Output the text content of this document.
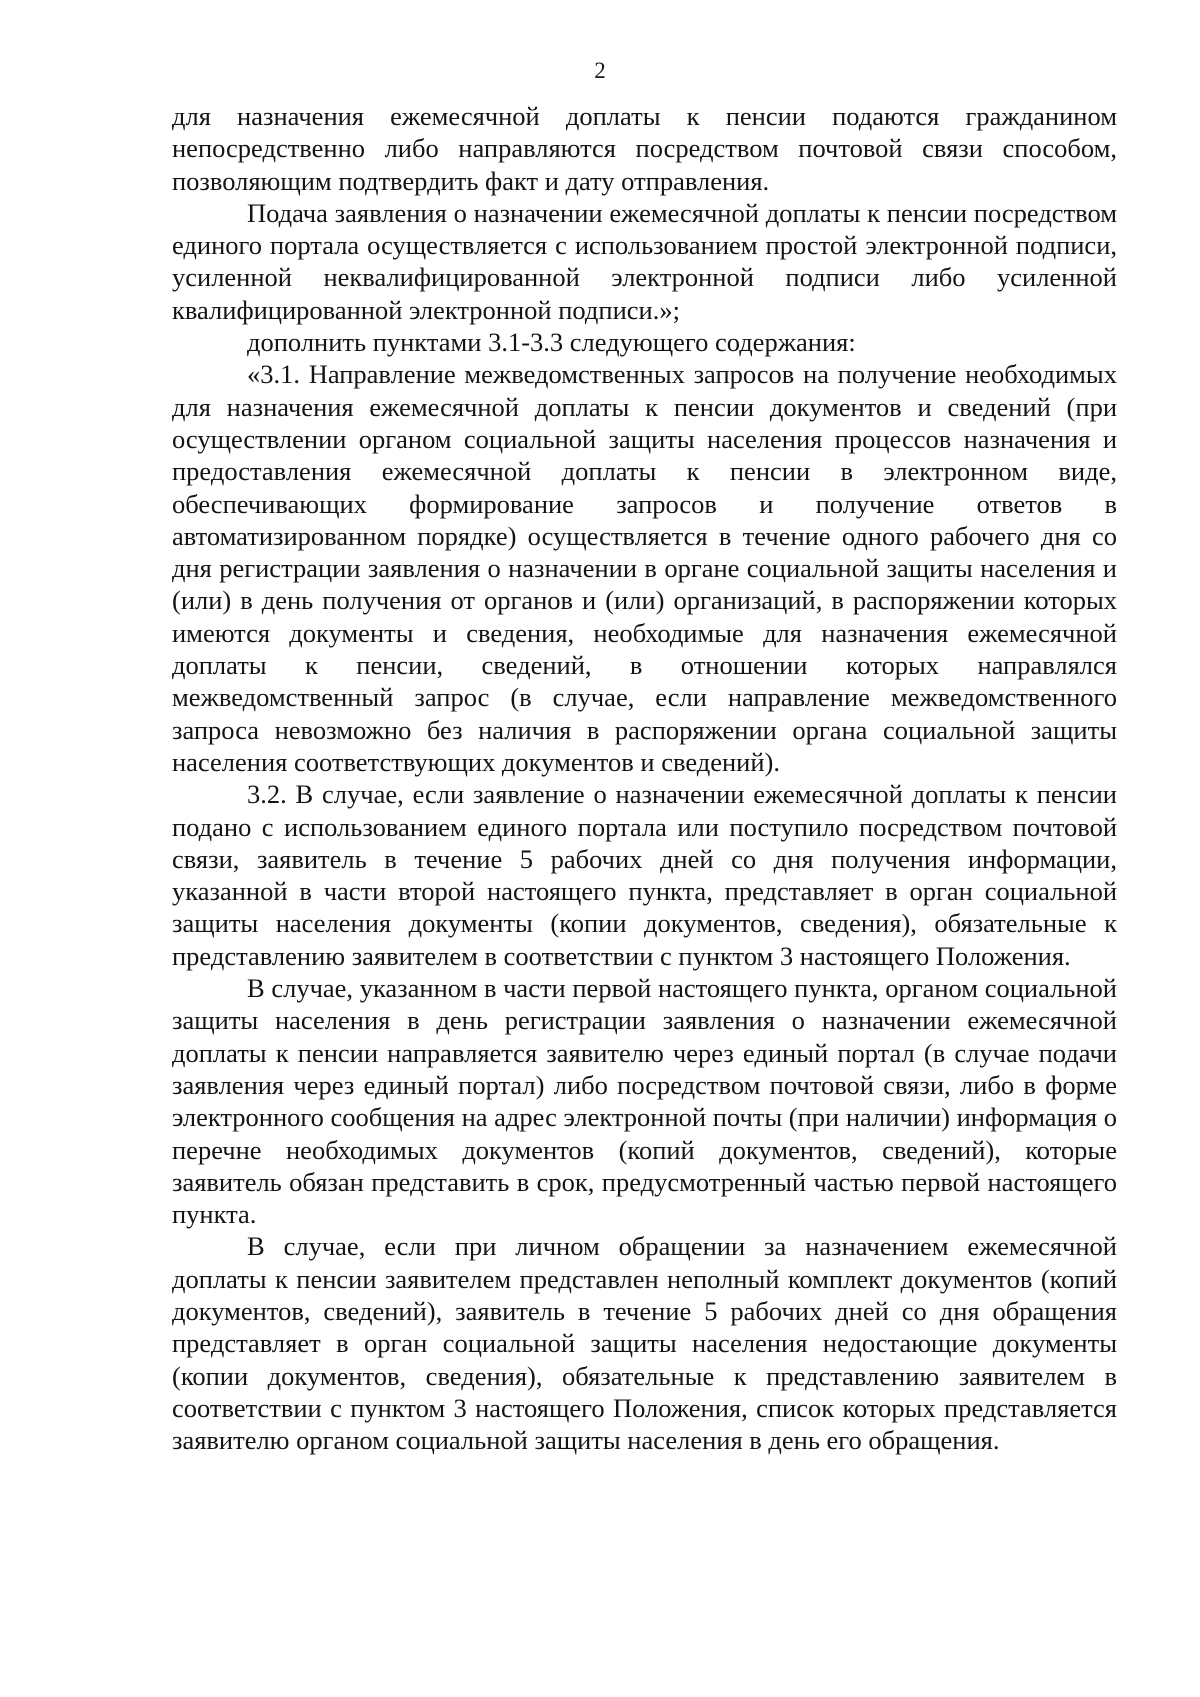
2

для назначения ежемесячной доплаты к пенсии подаются гражданином непосредственно либо направляются посредством почтовой связи способом, позволяющим подтвердить факт и дату отправления.

Подача заявления о назначении ежемесячной доплаты к пенсии посредством единого портала осуществляется с использованием простой электронной подписи, усиленной неквалифицированной электронной подписи либо усиленной квалифицированной электронной подписи.»;

дополнить пунктами 3.1-3.3 следующего содержания:

«3.1. Направление межведомственных запросов на получение необходимых для назначения ежемесячной доплаты к пенсии документов и сведений (при осуществлении органом социальной защиты населения процессов назначения и предоставления ежемесячной доплаты к пенсии в электронном виде, обеспечивающих формирование запросов и получение ответов в автоматизированном порядке) осуществляется в течение одного рабочего дня со дня регистрации заявления о назначении в органе социальной защиты населения и (или) в день получения от органов и (или) организаций, в распоряжении которых имеются документы и сведения, необходимые для назначения ежемесячной доплаты к пенсии, сведений, в отношении которых направлялся межведомственный запрос (в случае, если направление межведомственного запроса невозможно без наличия в распоряжении органа социальной защиты населения соответствующих документов и сведений).

3.2. В случае, если заявление о назначении ежемесячной доплаты к пенсии подано с использованием единого портала или поступило посредством почтовой связи, заявитель в течение 5 рабочих дней со дня получения информации, указанной в части второй настоящего пункта, представляет в орган социальной защиты населения документы (копии документов, сведения), обязательные к представлению заявителем в соответствии с пунктом 3 настоящего Положения.

В случае, указанном в части первой настоящего пункта, органом социальной защиты населения в день регистрации заявления о назначении ежемесячной доплаты к пенсии направляется заявителю через единый портал (в случае подачи заявления через единый портал) либо посредством почтовой связи, либо в форме электронного сообщения на адрес электронной почты (при наличии) информация о перечне необходимых документов (копий документов, сведений), которые заявитель обязан представить в срок, предусмотренный частью первой настоящего пункта.

В случае, если при личном обращении за назначением ежемесячной доплаты к пенсии заявителем представлен неполный комплект документов (копий документов, сведений), заявитель в течение 5 рабочих дней со дня обращения представляет в орган социальной защиты населения недостающие документы (копии документов, сведения), обязательные к представлению заявителем в соответствии с пунктом 3 настоящего Положения, список которых представляется заявителю органом социальной защиты населения в день его обращения.
